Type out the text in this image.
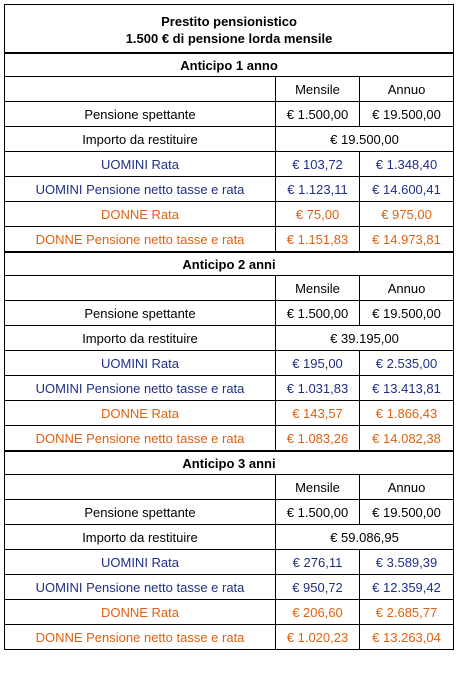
Prestito pensionistico
1.500 € di pensione lorda mensile		
Anticipo 1 anno		
	Mensile	Annuo
Pensione spettante	€ 1.500,00	€ 19.500,00
Importo da restituire	€ 19.500,00	
UOMINI Rata	€ 103,72	€ 1.348,40
UOMINI Pensione netto tasse e rata	€ 1.123,11	€ 14.600,41
DONNE Rata	€ 75,00	€ 975,00
DONNE Pensione netto tasse e rata	€ 1.151,83	€ 14.973,81
Anticipo 2 anni		
	Mensile	Annuo
Pensione spettante	€ 1.500,00	€ 19.500,00
Importo da restituire	€ 39.195,00	
UOMINI Rata	€ 195,00	€ 2.535,00
UOMINI Pensione netto tasse e rata	€ 1.031,83	€ 13.413,81
DONNE Rata	€ 143,57	€ 1.866,43
DONNE Pensione netto tasse e rata	€ 1.083,26	€ 14.082,38
Anticipo 3 anni		
	Mensile	Annuo
Pensione spettante	€ 1.500,00	€ 19.500,00
Importo da restituire	€ 59.086,95	
UOMINI Rata	€ 276,11	€ 3.589,39
UOMINI Pensione netto tasse e rata	€ 950,72	€ 12.359,42
DONNE Rata	€ 206,60	€ 2.685,77
DONNE Pensione netto tasse e rata	€ 1.020,23	€ 13.263,04
